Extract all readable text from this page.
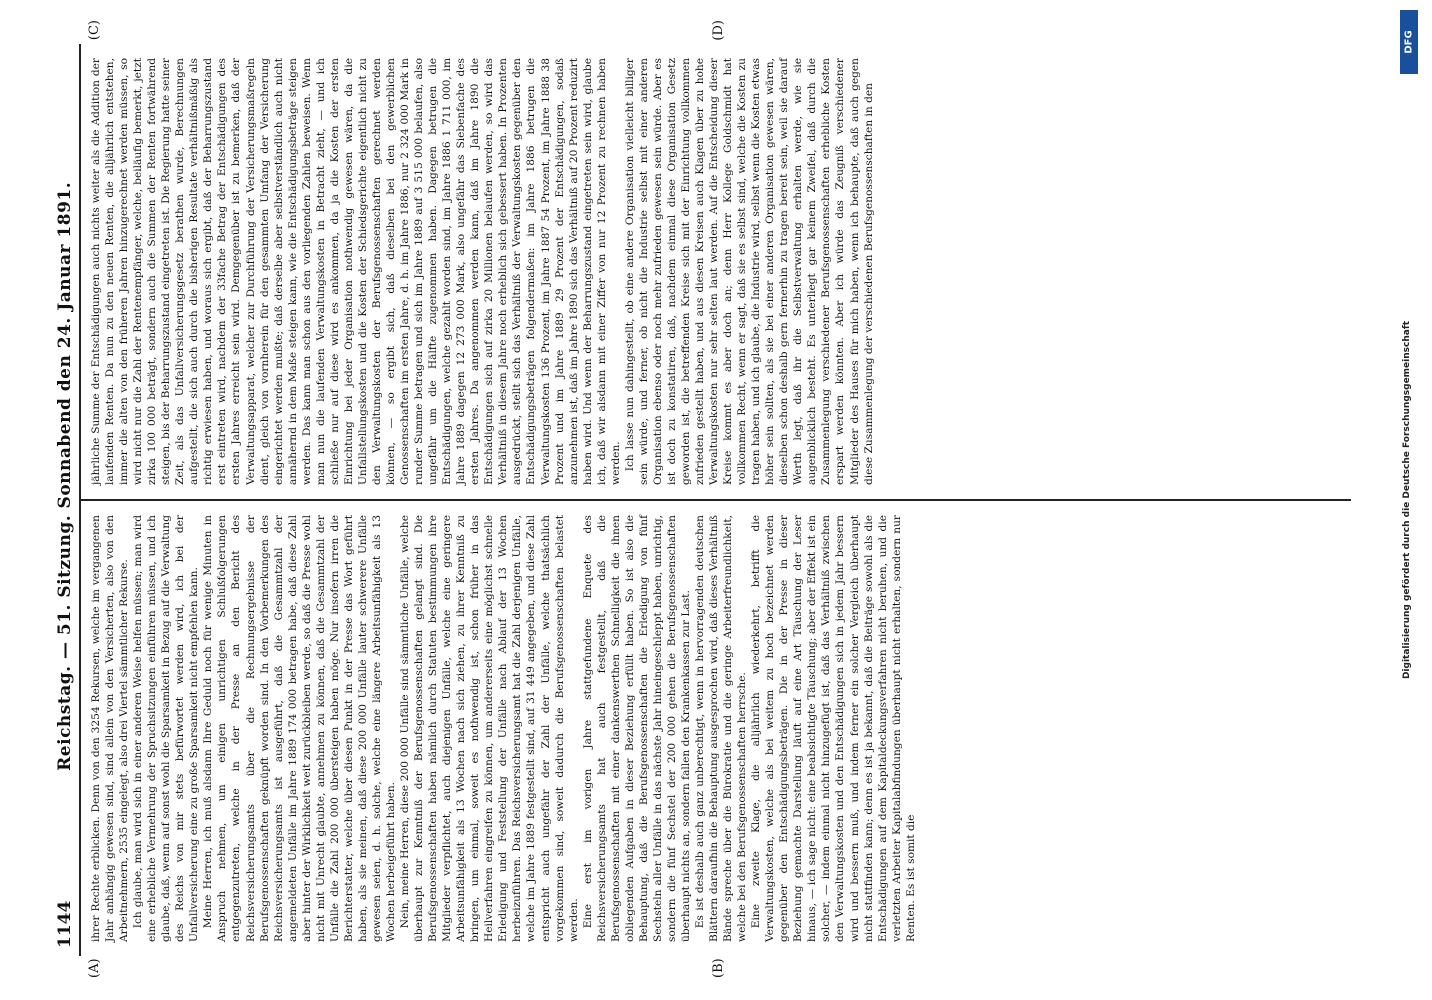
1144
Reichstag. — 51. Sitzung. Sonnabend den 24. Januar 1891.
(A)	(B)
(C)	(D)

ihrer Rechte erblicken. Denn von den 3254 Rekursen, welche im vergangenen Jahr anhängig gewesen sind, sind allein von den Versicherten, also von den Arbeitnehmern, 2535 eingelegt, also drei Viertel sämmtlicher Rekurse. Ich glaube, man wird sich in einer anderen Weise helfen müssen; man wird eine erhebliche Vermehrung der Spruchsitzungen einführen müssen, und ich glaube, daß, wenn auf sonst wohl die Sparsamkeit in Bezug auf die Verwaltung des Reichs von mir stets befürwortet werden wird, ich bei der Unfallversicherung eine zu große Sparsamkeit nicht empfehlen kann. Meine Herren, ich muß alsdann Ihre Geduld noch für wenige Minuten in Anspruch nehmen, um einigen unrichtigen Schlußfolgerungen entgegenzutreten, welche in der Presse an den Bericht des Reichsversicherungsamts über die Rechnungsergebnisse der Berufsgenossenschaften geknüpft worden sind. In den Vorbemerkungen des Reichsversicherungsamts ist ausgeführt, daß die Gesammtzahl der angemeldeten Unfälle im Jahre 1889 174 000 betragen habe, daß diese Zahl aber hinter der Wirklichkeit weit zurückbleiben werde, so daß die Presse wohl nicht mit Unrecht glaubte, annehmen zu können, daß die Gesammtzahl der Unfälle die Zahl 200 000 übersteigen haben möge. Nur insofern irren die Berichterstatter, welche über diesen Punkt in der Presse das Wort geführt haben, als sie meinen, daß diese 200 000 Unfälle lauter schwerere Unfälle gewesen seien, d. h. solche, welche eine längere Arbeitsunfähigkeit als 13 Wochen herbeigeführt haben. Nein, meine Herren, diese 200 000 Unfälle sind sämmtliche Unfälle, welche überhaupt zur Kenntniß der Berufsgenossenschaften gelangt sind. Die Berufsgenossenschaften haben nämlich durch Statuten bestimmungen ihre Mitglieder verpflichtet, auch diejenigen Unfälle, welche eine geringere Arbeitsunfähigkeit als 13 Wochen nach sich ziehen, zu ihrer Kenntniß zu bringen, um einmal, soweit es nothwendig ist, schon früher in das Heilverfahren eingreifen zu können, um andererseits eine möglichst schnelle Erledigung und Feststellung der Unfälle nach Ablauf der 13 Wochen herbeizuführen. Das Reichsversicherungsamt hat die Zahl derjenigen Unfälle, welche im Jahre 1889 festgestellt sind, auf 31 449 angegeben, und diese Zahl entspricht auch ungefähr der Zahl der Unfälle, welche thatsächlich vorgekommen sind, soweit dadurch die Berufsgenossenschaften belastet werden. Eine erst im vorigen Jahre stattgefundene Enquete des Reichsversicherungsamts hat auch festgestellt, daß die Berufsgenossenschaften mit einer dankenswerthen Schnelligkeit die ihnen obliegenden Aufgaben in dieser Beziehung erfüllt haben. So ist also die Behauptung, daß die Berufsgenossenschaften die Erledigung von fünf Sechsteln aller Unfälle in das nächste Jahr hineingeschleppt haben, unrichtig, sondern die fünf Sechstel der 200 000 gehen die Berufsgenossenschaften überhaupt nichts an, sondern fallen den Krankenkassen zur Last. Es ist deshalb auch ganz unberechtigt, wenn in hervorragenden deutschen Blättern daraufhin die Behauptung ausgesprochen wird, daß dieses Verhältniß Bände spreche über die Bürokratie und die geringe Arbeiterfreundlichkeit, welche bei den Berufsgenossenschaften herrsche. Eine zweite Klage, die alljährlich wiederkehrt, betrifft die Verwaltungskosten, welche als bei weitem zu hoch bezeichnet werden gegenüber den Entschädigungsbeträgen. Die in der Presse in dieser Beziehung gemachte Darstellung läuft auf eine Art Täuschung der Leser hinaus, — ich sage nicht: eine beabsichtigte Täuschung; aber der Effekt ist ein solcher, — indem einmal nicht hinzugefügt ist, daß das Verhältniß zwischen den Verwaltungskosten und den Entschädigungen sich in jedem Jahr bessern wird und bessern muß, und indem ferner ein solcher Vergleich überhaupt nicht stattfinden kann; denn es ist ja bekannt, daß die Beiträge sowohl als die Entschädigungen auf dem Kapitaldeckungsverfahren nicht beruhen, und die verletzten Arbeiter Kapitalabfindungen überhaupt nicht erhalten, sondern nur Renten. Es ist somit die

jährliche Summe der Entschädigungen auch nichts weiter als die Addition der laufenden Renten. Da nun zu den neuen Renten, die alljährlich entstehen, immer die alten von den früheren Jahren hinzugerechnet werden müssen, so wird nicht nur die Zahl der Rentenempfänger, welche, beiläufig bemerkt, jetzt zirka 100 000 beträgt, sondern auch die Summen der Renten fortwährend steigen, bis der Beharrungszustand eingetreten ist. Die Regierung hatte seiner Zeit, als das Unfallversicherungsgesetz berathen wurde, Berechnungen aufgestellt, die sich auch durch die bisherigen Resultate verhältnißmäßig als richtig erwiesen haben, und woraus sich ergibt, daß der Beharrungszustand erst eintreten wird, nachdem der 33fache Betrag der Entschädigungen des ersten Jahres erreicht sein wird. Demgegenüber ist zu bemerken, daß der Verwaltungsapparat, welcher zur Durchführung der Versicherungsmaßregeln dient, gleich von vornherein für den gesammten Umfang der Versicherung eingerichtet werden mußte; daß derselbe aber selbstverständlich auch nicht annähernd in dem Maße steigen kann, wie die Entschädigungsbeträge steigen werden. Das kann man schon aus den vorliegenden Zahlen beweisen. Wenn man nun die laufenden Verwaltungskosten in Betracht zieht, — und ich schließe nur auf diese wird es ankommen, da ja die Kosten der ersten Einrichtung bei jeder Organisation nothwendig gewesen wären, da die Unfallstellungskosten und die Kosten der Schiedsgerichte eigentlich nicht zu den Verwaltungskosten der Berufsgenossenschaften gerechnet werden können, — so ergibt sich, daß dieselben bei den gewerblichen Genossenschaften im ersten Jahre, d. h. im Jahre 1886, nur 2 324 000 Mark in runder Summe betragen und sich im Jahre 1889 auf 3 515 000 belaufen, also ungefähr um die Hälfte zugenommen haben. Dagegen betrugen die Entschädigungen, welche gezahlt worden sind, im Jahre 1886 1 711 000, im Jahre 1889 dagegen 12 273 000 Mark, also ungefähr das Siebenfache des ersten Jahres. Da angenommen werden kann, daß im Jahre 1890 die Entschädigungen sich auf zirka 20 Millionen belaufen werden, so wird das Verhältniß in diesem Jahre noch erheblich sich gebessert haben. In Prozenten ausgedrückt, stellt sich das Verhältniß der Verwaltungskosten gegenüber den Entschädigungsbeträgen folgendermaßen: im Jahre 1886 betrugen die Verwaltungskosten 136 Prozent, im Jahre 1887 54 Prozent, im Jahre 1888 38 Prozent und im Jahre 1889 29 Prozent der Entschädigungen, sodaß anzunehmen ist, daß im Jahre 1890 sich das Verhältniß auf 20 Prozent reduzirt haben wird. Und wenn der Beharrungszustand eingetreten sein wird, glaube ich, daß wir alsdann mit einer Ziffer von nur 12 Prozent zu rechnen haben werden. Ich lasse nun dahingestellt, ob eine andere Organisation vielleicht billiger sein würde, und ferner, ob nicht die Industrie selbst mit einer anderen Organisation ebenso oder noch mehr zufrieden gewesen sein würde. Aber es ist doch zu konstatiren, daß, nachdem einmal diese Organisation Gesetz geworden ist, die betreffenden Kreise sich mit der Einrichtung vollkommen zufrieden gestellt haben, und aus diesen Kreisen auch Klagen über zu hohe Verwaltungskosten nur sehr selten laut werden. Auf die Entscheidung dieser Kreise kommt es aber doch an; denn Herr Kollege Goldschmidt hat vollkommen Recht, wenn er sagt, daß sie es selbst sind, welche die Kosten zu tragen haben, und ich glaube, die Industrie wird, selbst wenn die Kosten etwas höher sein sollten, als sie bei einer anderen Organisation gewesen wären, dieselben schon deshalb gern fernerhin zu tragen bereit sein, weil sie darauf Werth legt, daß ihr die Selbstverwaltung erhalten werde, wie sie augenblicklich besteht. Es unterliegt gar keinem Zweifel, daß durch die Zusammenlegung verschiedener Berufsgenossenschaften erhebliche Kosten erspart werden könnten. Aber ich würde das Zeugniß verschiedener Mitglieder des Hauses für mich haben, wenn ich behaupte, daß auch gegen diese Zusammenlegung der verschiedenen Berufsgenossenschaften in den

Digitalisierung gefördert durch die Deutsche Forschungsgemeinschaft
DFG
